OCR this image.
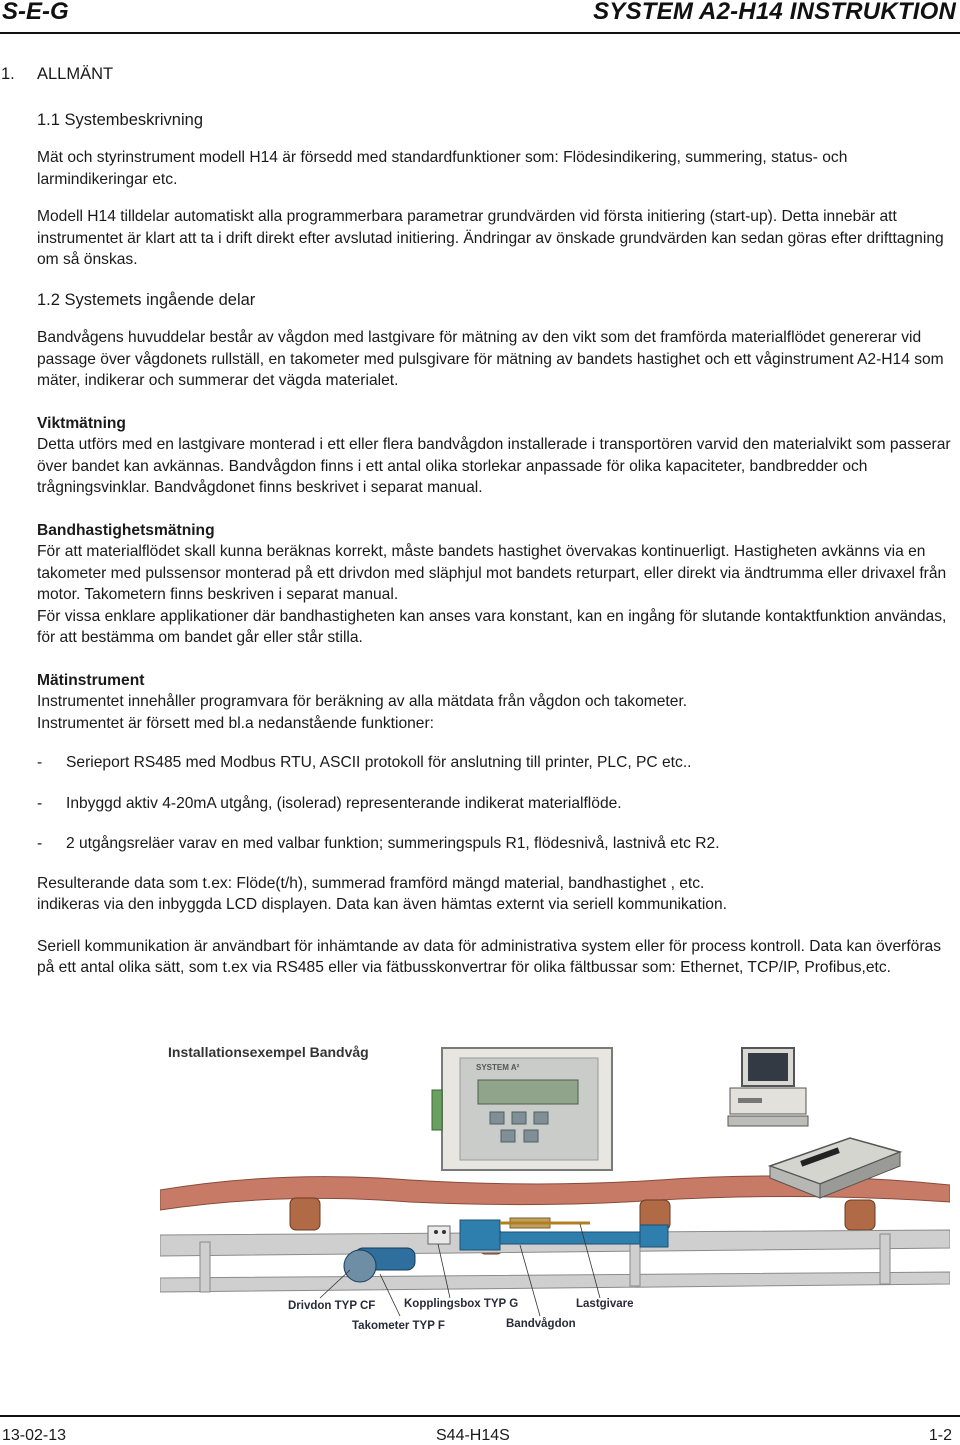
S-E-G	SYSTEM A2-H14 INSTRUKTION
1. ALLMÄNT
1.1 Systembeskrivning
Mät och styrinstrument modell H14 är försedd med standardfunktioner som: Flödesindikering, summering, status- och larmindikeringar etc.
Modell H14 tilldelar automatiskt alla programmerbara parametrar grundvärden vid första initiering (start-up). Detta innebär att instrumentet är klart att ta i drift direkt efter avslutad initiering. Ändringar av önskade grundvärden kan sedan göras efter drifttagning om så önskas.
1.2 Systemets ingående delar
Bandvågens huvuddelar består av vågdon med lastgivare för mätning av den vikt som det framförda materialflödet genererar vid passage över vågdonets rullställ, en takometer med pulsgivare för mätning av bandets hastighet och ett våginstrument A2-H14 som mäter, indikerar och summerar det vägda materialet.
Viktmätning
Detta utförs med en lastgivare monterad i ett eller flera bandvågdon installerade i transportören varvid den materialvikt som passerar över bandet kan avkännas. Bandvågdon finns i ett antal olika storlekar anpassade för olika kapaciteter, bandbredder och trågningsvinklar. Bandvågdonet finns beskrivet i separat manual.
Bandhastighetsmätning
För att materialflödet skall kunna beräknas korrekt, måste bandets hastighet övervakas kontinuerligt. Hastigheten avkänns via en takometer med pulssensor monterad på ett drivdon med släphjul mot bandets returpart, eller direkt via ändtrumma eller drivaxel från motor. Takometern finns beskriven i separat manual.
För vissa enklare applikationer där bandhastigheten kan anses vara konstant, kan en ingång för slutande kontaktfunktion användas, för att bestämma om bandet går eller står stilla.
Mätinstrument
Instrumentet innehåller programvara för beräkning av alla mätdata från vågdon och takometer.
Instrumentet är försett med bl.a nedanstående funktioner:
- Serieport RS485 med Modbus RTU, ASCII protokoll för anslutning till printer, PLC, PC etc..
- Inbyggd aktiv 4-20mA utgång, (isolerad) representerande indikerat materialflöde.
- 2 utgångsreläer varav en med valbar funktion; summeringspuls R1, flödesnivå, lastnivå etc R2.
Resulterande data som t.ex: Flöde(t/h), summerad framförd mängd material, bandhastighet , etc.
indikeras via den inbyggda LCD displayen. Data kan även hämtas externt via seriell kommunikation.
Seriell kommunikation är användbart för inhämtande av data för administrativa system eller för process kontroll. Data kan överföras på ett antal olika sätt, som t.ex via RS485 eller via fätbusskonvertrar för olika fältbussar som: Ethernet, TCP/IP, Profibus,etc.
Installationsexempel Bandvåg
Drivdon TYP CF Kopplingsbox TYP G	Lastgivare
Takometer TYP F	Bandvågdon
SYSTEM A²
13-02-13	S44-H14S	1-2
